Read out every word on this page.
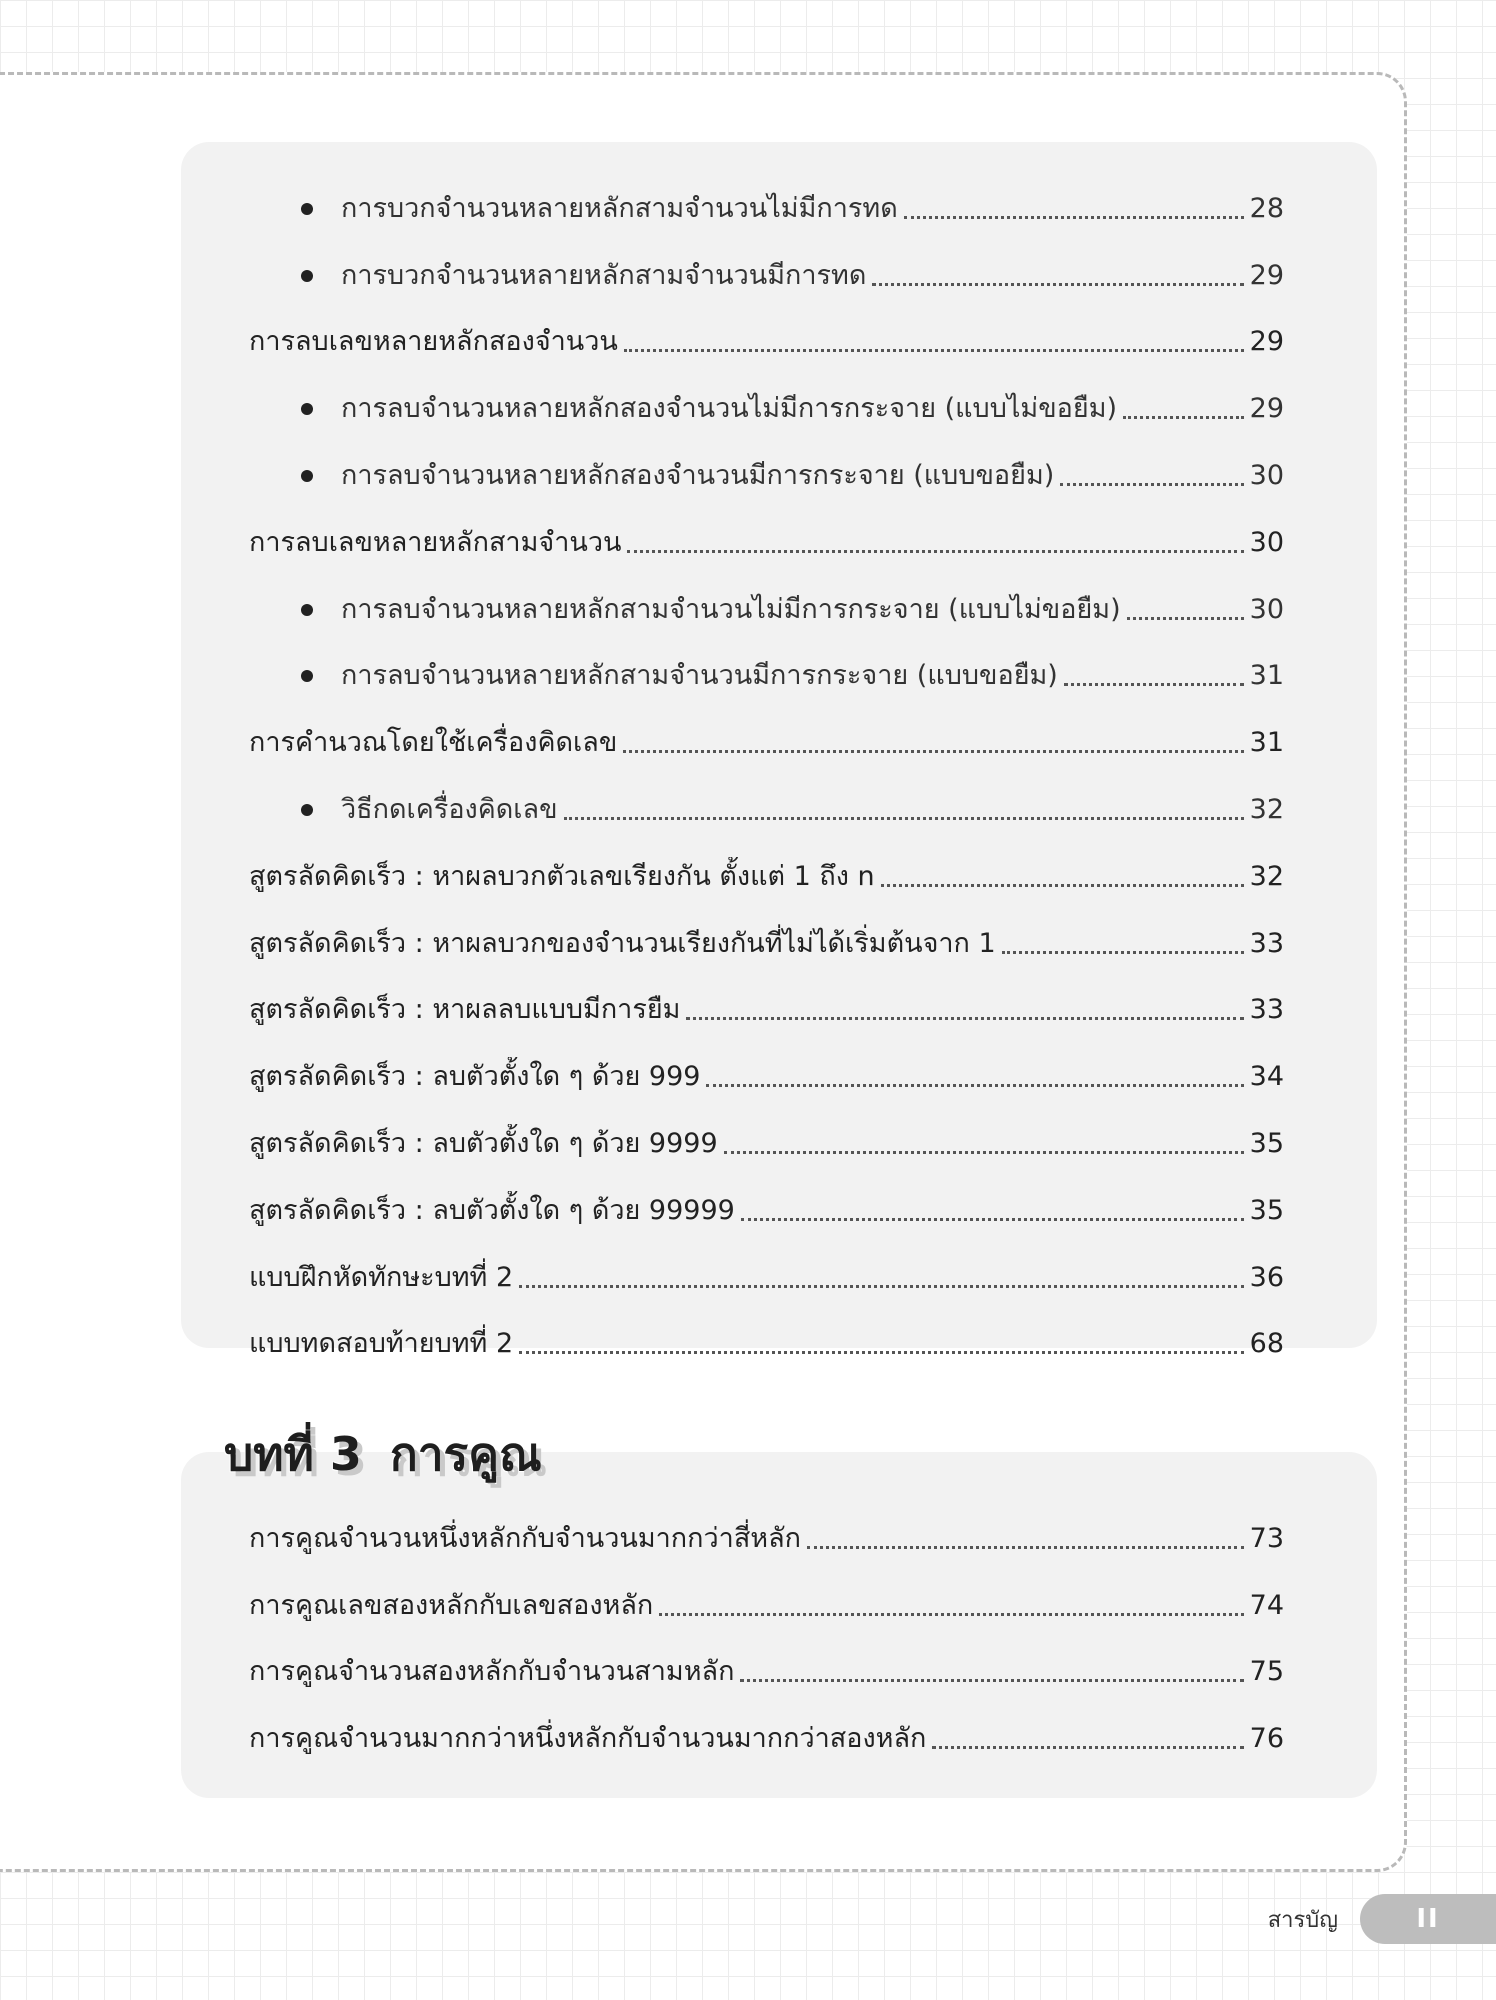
การบวกจำนวนหลายหลักสามจำนวนไม่มีการทด	28
การบวกจำนวนหลายหลักสามจำนวนมีการทด	29
การลบเลขหลายหลักสองจำนวน	29
การลบจำนวนหลายหลักสองจำนวนไม่มีการกระจาย (แบบไม่ขอยืม)	29
การลบจำนวนหลายหลักสองจำนวนมีการกระจาย (แบบขอยืม)	30
การลบเลขหลายหลักสามจำนวน	30
การลบจำนวนหลายหลักสามจำนวนไม่มีการกระจาย (แบบไม่ขอยืม)	30
การลบจำนวนหลายหลักสามจำนวนมีการกระจาย (แบบขอยืม)	31
การคำนวณโดยใช้เครื่องคิดเลข	31
วิธีกดเครื่องคิดเลข	32
สูตรลัดคิดเร็ว : หาผลบวกตัวเลขเรียงกัน ตั้งแต่ 1 ถึง n	32
สูตรลัดคิดเร็ว : หาผลบวกของจำนวนเรียงกันที่ไม่ได้เริ่มต้นจาก 1	33
สูตรลัดคิดเร็ว : หาผลลบแบบมีการยืม	33
สูตรลัดคิดเร็ว : ลบตัวตั้งใด ๆ ด้วย 999	34
สูตรลัดคิดเร็ว : ลบตัวตั้งใด ๆ ด้วย 9999	35
สูตรลัดคิดเร็ว : ลบตัวตั้งใด ๆ ด้วย 99999	35
แบบฝึกหัดทักษะบทที่ 2	36
แบบทดสอบท้ายบทที่ 2	68
บทที่ 3 การคูณ
การคูณจำนวนหนึ่งหลักกับจำนวนมากกว่าสี่หลัก	73
การคูณเลขสองหลักกับเลขสองหลัก	74
การคูณจำนวนสองหลักกับจำนวนสามหลัก	75
การคูณจำนวนมากกว่าหนึ่งหลักกับจำนวนมากกว่าสองหลัก	76
สารบัญ	II
